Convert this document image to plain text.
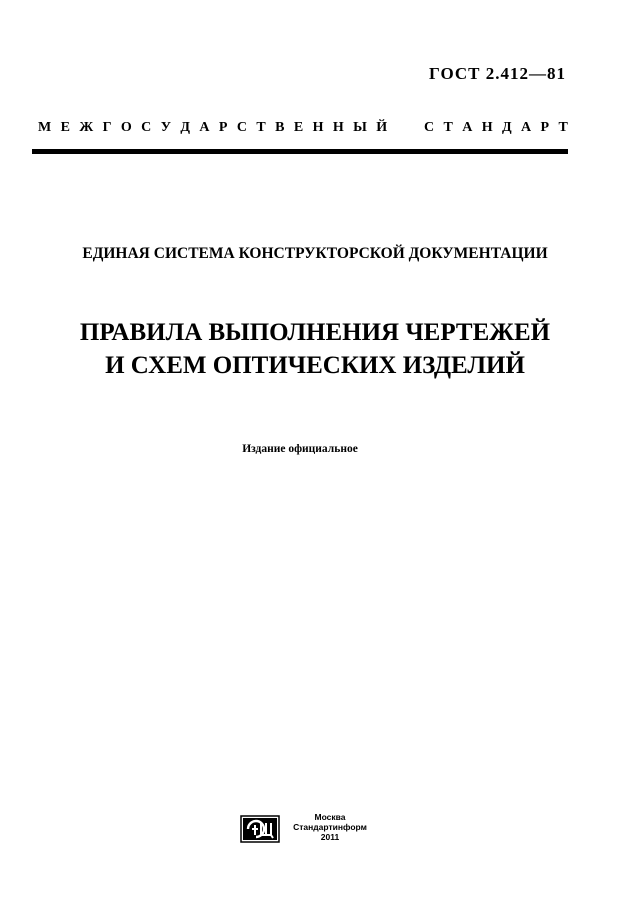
ГОСТ 2.412—81
М Е Ж Г О С У Д А Р С Т В Е Н Н Ы Й
	С Т А Н Д А Р Т
ЕДИНАЯ СИСТЕМА КОНСТРУКТОРСКОЙ ДОКУМЕНТАЦИИ
ПРАВИЛА ВЫПОЛНЕНИЯ ЧЕРТЕЖЕЙ
И СХЕМ ОПТИЧЕСКИХ ИЗДЕЛИЙ
Издание официальное
Москва
Стандартинформ
2011
